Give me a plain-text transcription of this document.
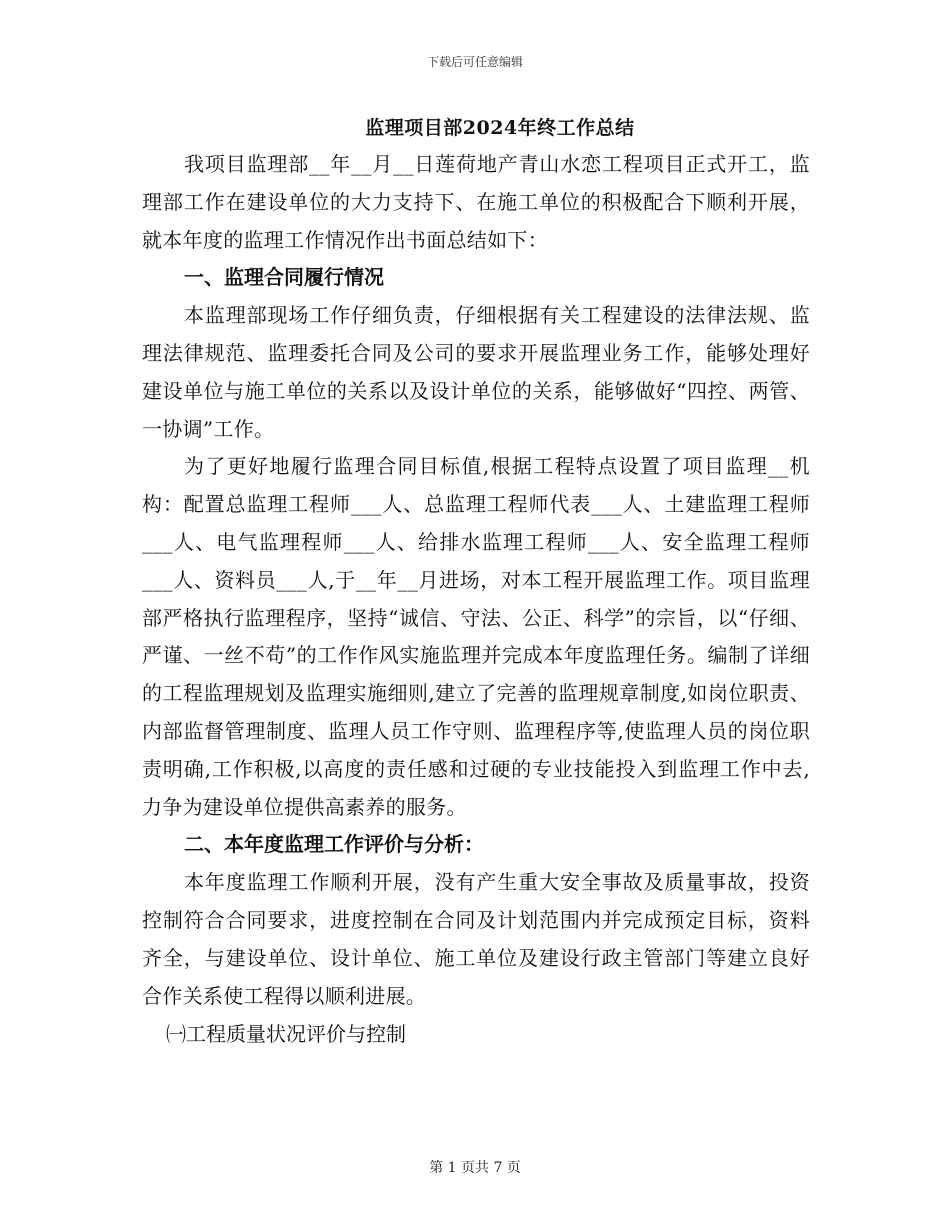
下载后可任意编辑
监理项目部2024年终工作总结

我项目监理部__年__月__日莲荷地产青山水恋工程项目正式开工，监理部工作在建设单位的大力支持下、在施工单位的积极配合下顺利开展，就本年度的监理工作情况作出书面总结如下：

一、监理合同履行情况

本监理部现场工作仔细负责，仔细根据有关工程建设的法律法规、监理法律规范、监理委托合同及公司的要求开展监理业务工作，能够处理好建设单位与施工单位的关系以及设计单位的关系，能够做好“四控、两管、一协调”工作。

为了更好地履行监理合同目标值,根据工程特点设置了项目监理__机构：配置总监理工程师___人、总监理工程师代表___人、土建监理工程师___人、电气监理程师___人、给排水监理工程师___人、安全监理工程师___人、资料员___人,于__年__月进场，对本工程开展监理工作。项目监理部严格执行监理程序，坚持“诚信、守法、公正、科学”的宗旨，以“仔细、严谨、一丝不苟”的工作作风实施监理并完成本年度监理任务。编制了详细的工程监理规划及监理实施细则,建立了完善的监理规章制度,如岗位职责、内部监督管理制度、监理人员工作守则、监理程序等,使监理人员的岗位职责明确,工作积极,以高度的责任感和过硬的专业技能投入到监理工作中去,力争为建设单位提供高素养的服务。

二、本年度监理工作评价与分析：

本年度监理工作顺利开展，没有产生重大安全事故及质量事故，投资控制符合合同要求，进度控制在合同及计划范围内并完成预定目标，资料齐全，与建设单位、设计单位、施工单位及建设行政主管部门等建立良好合作关系使工程得以顺利进展。

㈠工程质量状况评价与控制

第 1 页共 7 页
